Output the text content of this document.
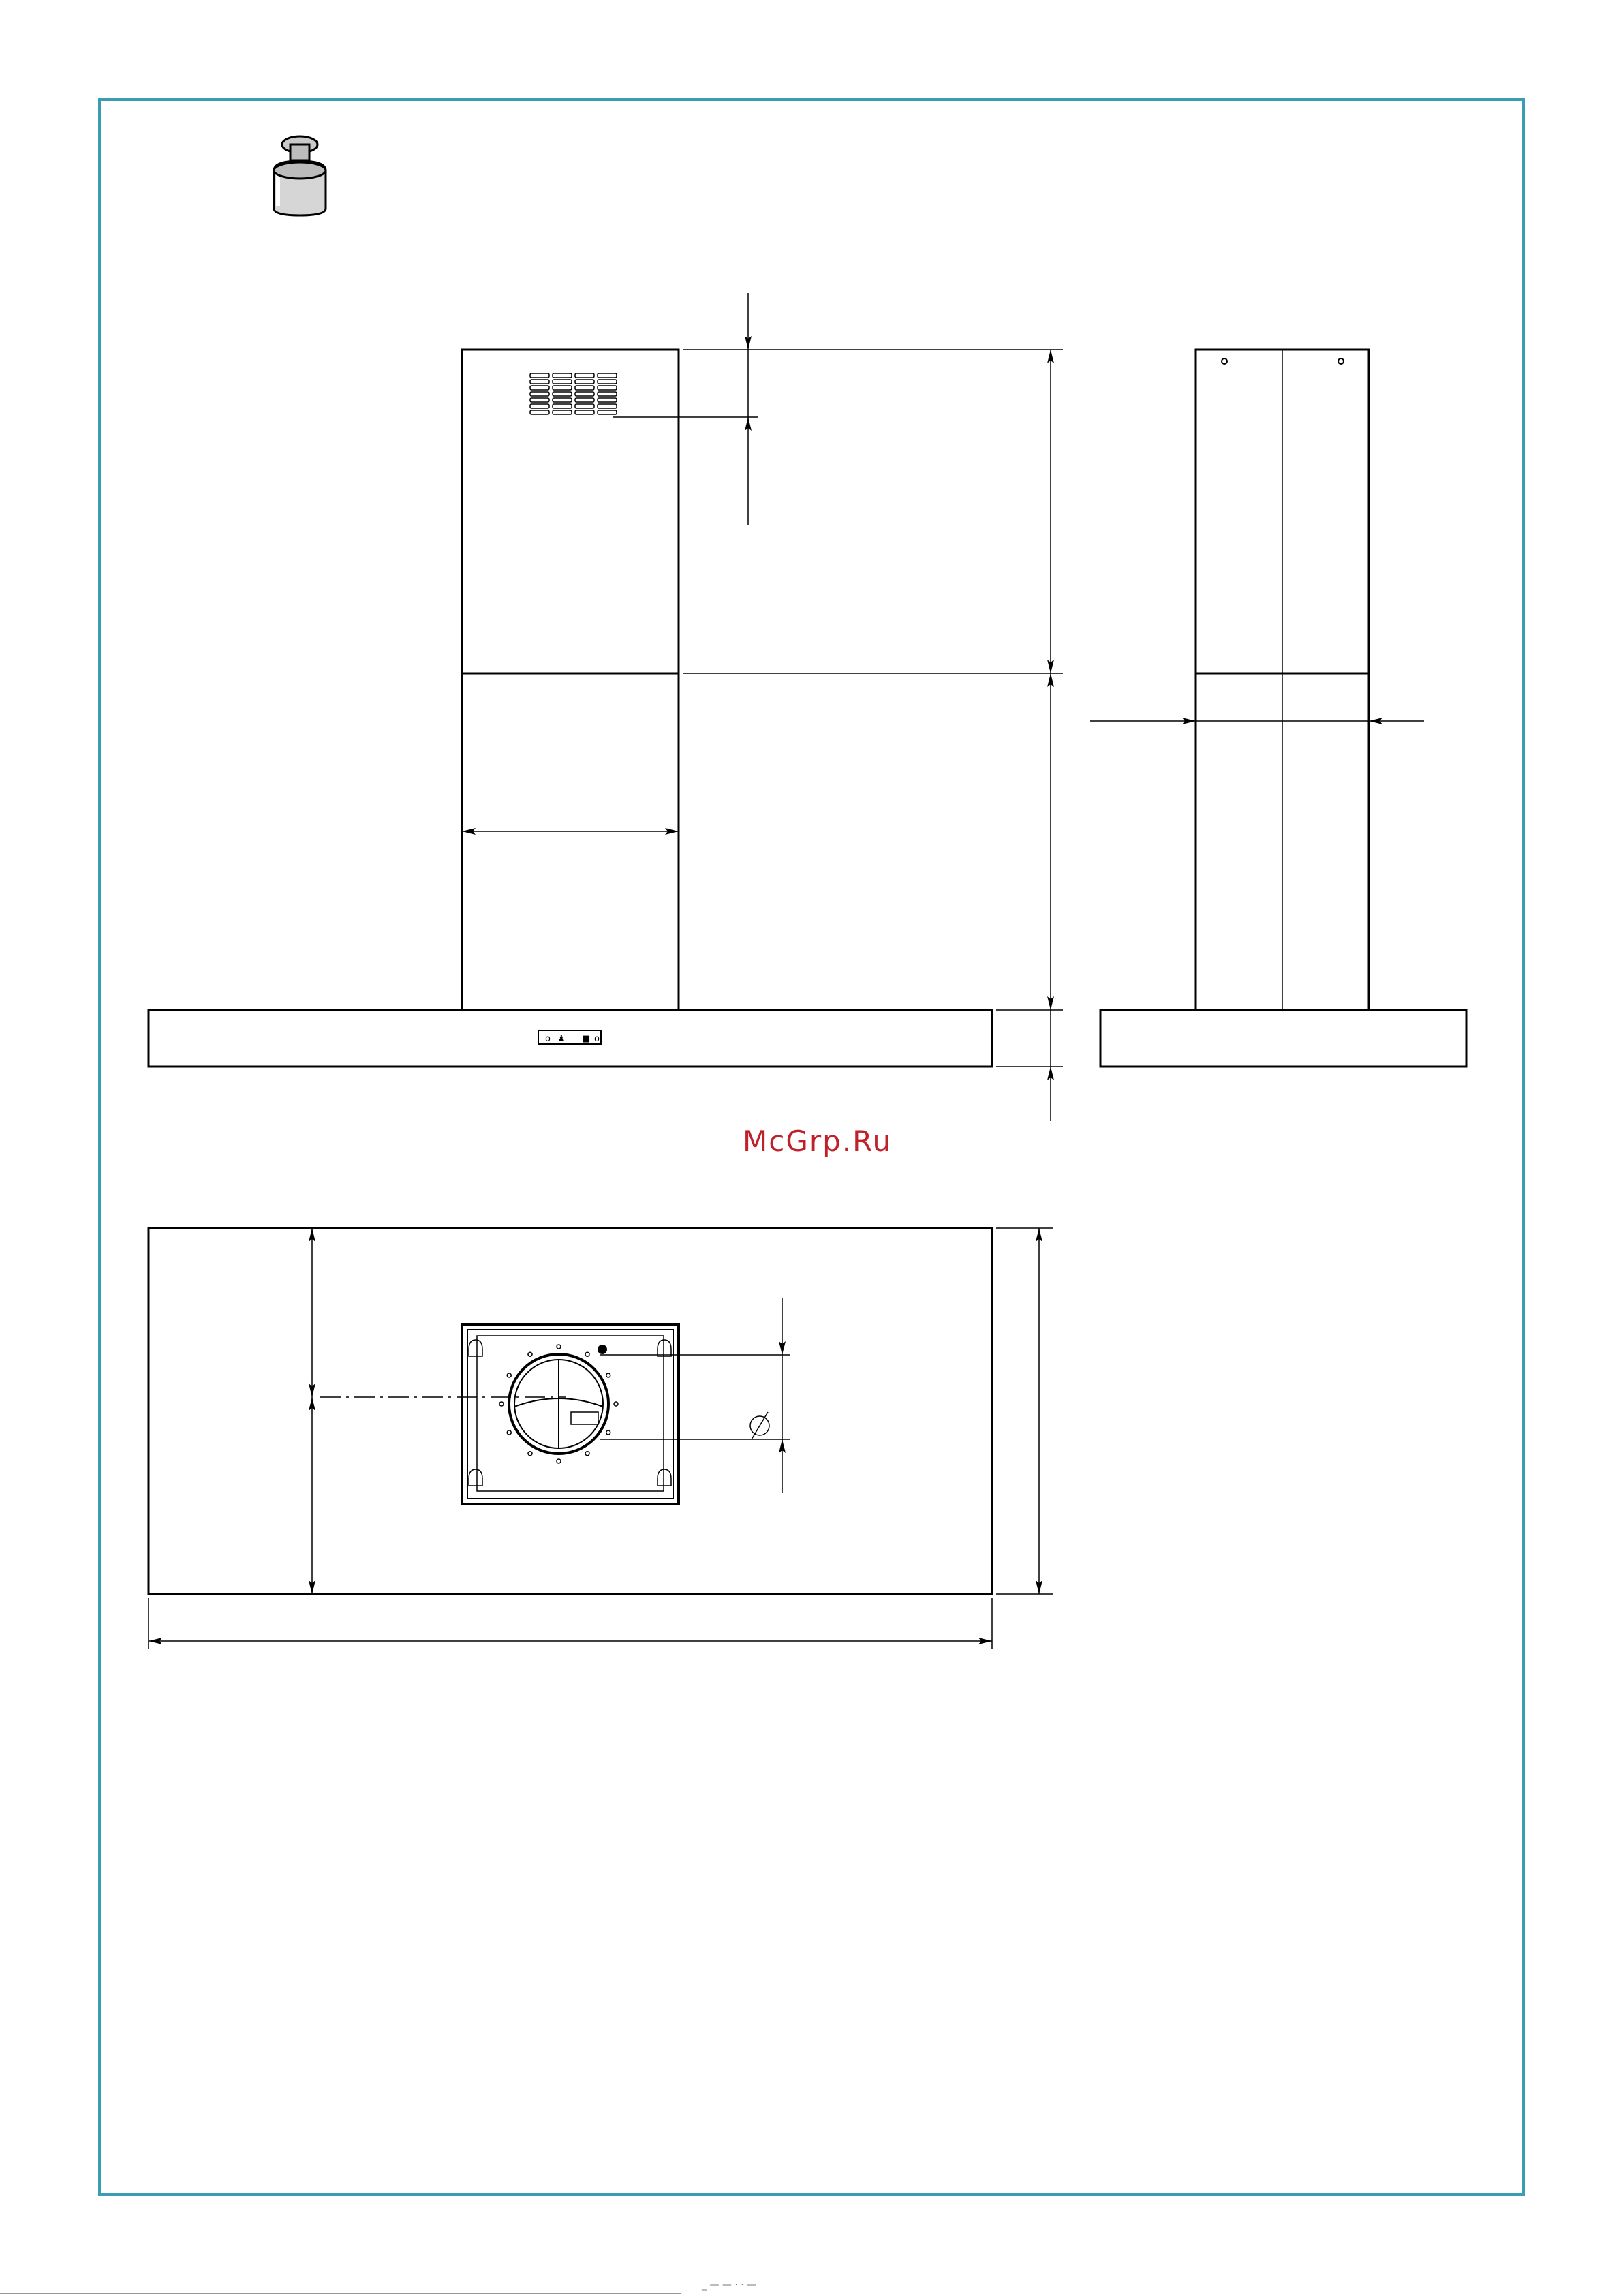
o ♟ – ■ o
McGrp.Ru
_ — — · · —
